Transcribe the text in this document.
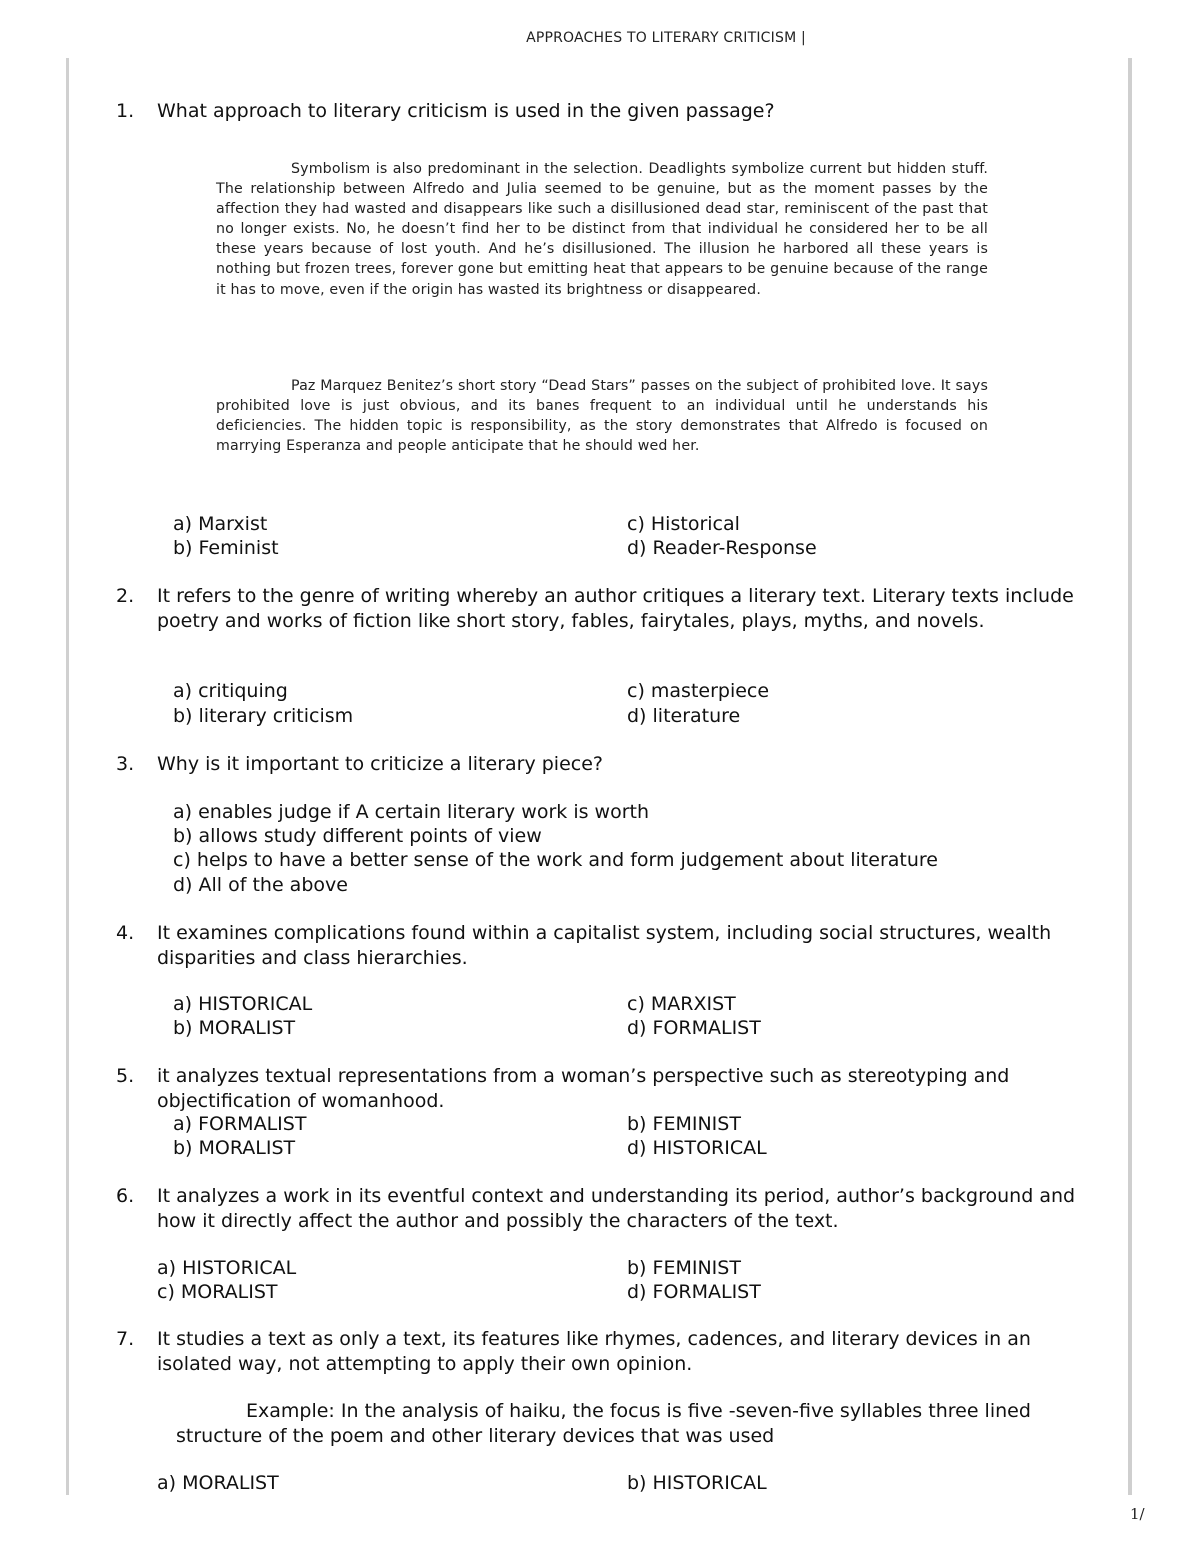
APPROACHES TO LITERARY CRITICISM |
1. What approach to literary criticism is used in the given passage?
Symbolism is also predominant in the selection. Deadlights symbolize current but hidden stuff. The relationship between Alfredo and Julia seemed to be genuine, but as the moment passes by the affection they had wasted and disappears like such a disillusioned dead star, reminiscent of the past that no longer exists. No, he doesn’t find her to be distinct from that individual he considered her to be all these years because of lost youth. And he’s disillusioned. The illusion he harbored all these years is nothing but frozen trees, forever gone but emitting heat that appears to be genuine because of the range it has to move, even if the origin has wasted its brightness or disappeared.
Paz Marquez Benitez’s short story “Dead Stars” passes on the subject of prohibited love. It says prohibited love is just obvious, and its banes frequent to an individual until he understands his deficiencies. The hidden topic is responsibility, as the story demonstrates that Alfredo is focused on marrying Esperanza and people anticipate that he should wed her.
a) Marxist	c) Historical
b) Feminist	d) Reader-Response
2. It refers to the genre of writing whereby an author critiques a literary text. Literary texts include poetry and works of fiction like short story, fables, fairytales, plays, myths, and novels.
a) critiquing	c) masterpiece
b) literary criticism	d) literature
3. Why is it important to criticize a literary piece?
a) enables judge if A certain literary work is worth
b) allows study different points of view
c) helps to have a better sense of the work and form judgement about literature
d) All of the above
4. It examines complications found within a capitalist system, including social structures, wealth disparities and class hierarchies.
a) HISTORICAL	c) MARXIST
b) MORALIST	d) FORMALIST
5. it analyzes textual representations from a woman’s perspective such as stereotyping and objectification of womanhood.
a) FORMALIST	b) FEMINIST
b) MORALIST	d) HISTORICAL
6. It analyzes a work in its eventful context and understanding its period, author’s background and how it directly affect the author and possibly the characters of the text.
a) HISTORICAL	b) FEMINIST
c) MORALIST	d) FORMALIST
7. It studies a text as only a text, its features like rhymes, cadences, and literary devices in an isolated way, not attempting to apply their own opinion.
Example: In the analysis of haiku, the focus is five -seven-five syllables three lined structure of the poem and other literary devices that was used
a) MORALIST	b) HISTORICAL
1/
